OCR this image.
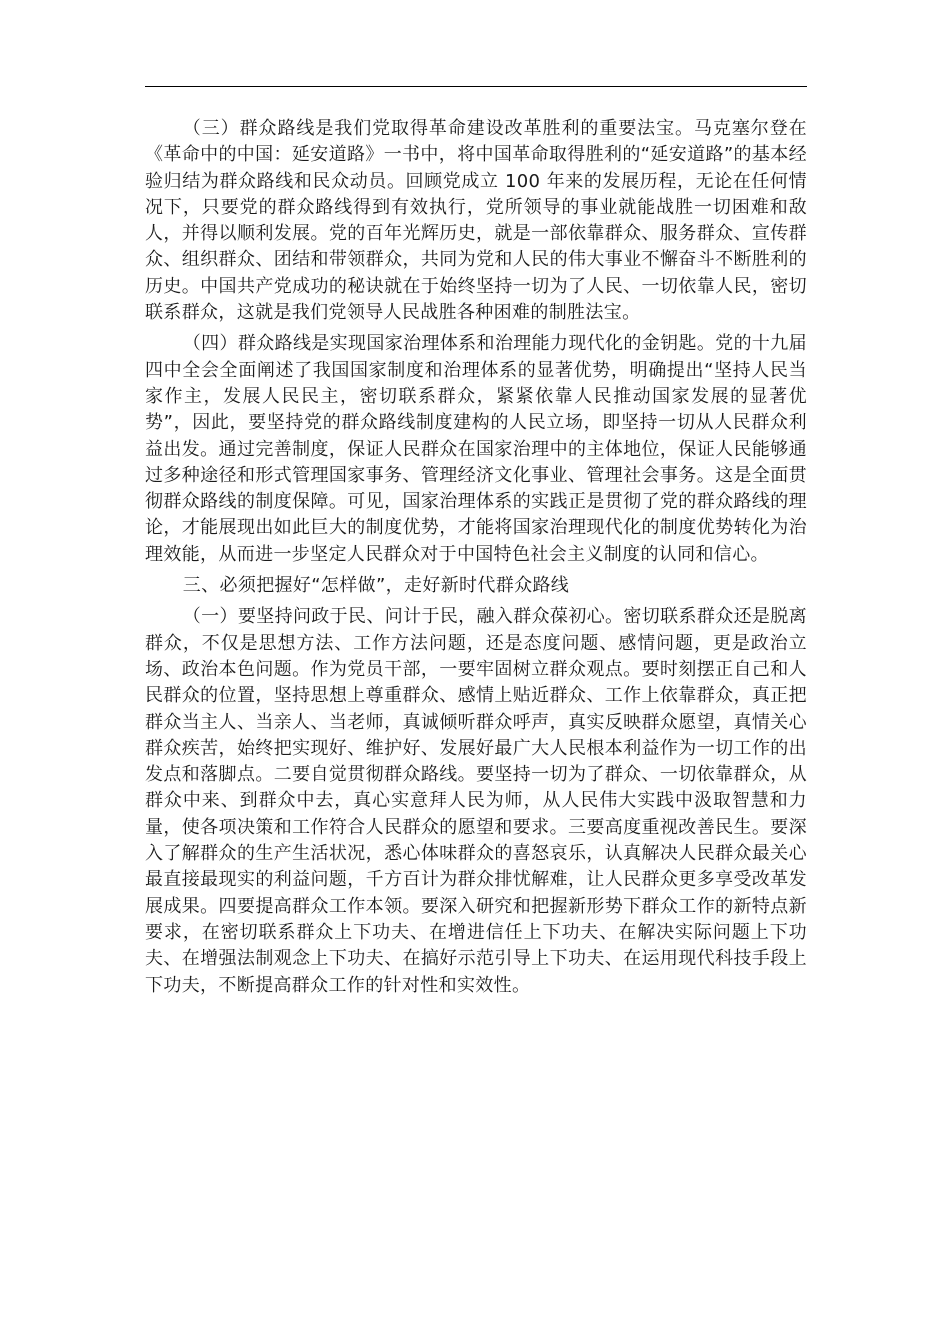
（三）群众路线是我们党取得革命建设改革胜利的重要法宝。马克塞尔登在《革命中的中国：延安道路》一书中，将中国革命取得胜利的“延安道路”的基本经验归结为群众路线和民众动员。回顾党成立 100 年来的发展历程，无论在任何情况下，只要党的群众路线得到有效执行，党所领导的事业就能战胜一切困难和敌人，并得以顺利发展。党的百年光辉历史，就是一部依靠群众、服务群众、宣传群众、组织群众、团结和带领群众，共同为党和人民的伟大事业不懈奋斗不断胜利的历史。中国共产党成功的秘诀就在于始终坚持一切为了人民、一切依靠人民，密切联系群众，这就是我们党领导人民战胜各种困难的制胜法宝。

（四）群众路线是实现国家治理体系和治理能力现代化的金钥匙。党的十九届四中全会全面阐述了我国国家制度和治理体系的显著优势，明确提出“坚持人民当家作主，发展人民民主，密切联系群众，紧紧依靠人民推动国家发展的显著优势”，因此，要坚持党的群众路线制度建构的人民立场，即坚持一切从人民群众利益出发。通过完善制度，保证人民群众在国家治理中的主体地位，保证人民能够通过多种途径和形式管理国家事务、管理经济文化事业、管理社会事务。这是全面贯彻群众路线的制度保障。可见，国家治理体系的实践正是贯彻了党的群众路线的理论，才能展现出如此巨大的制度优势，才能将国家治理现代化的制度优势转化为治理效能，从而进一步坚定人民群众对于中国特色社会主义制度的认同和信心。

三、必须把握好“怎样做”，走好新时代群众路线

（一）要坚持问政于民、问计于民，融入群众葆初心。密切联系群众还是脱离群众，不仅是思想方法、工作方法问题，还是态度问题、感情问题，更是政治立场、政治本色问题。作为党员干部，一要牢固树立群众观点。要时刻摆正自己和人民群众的位置，坚持思想上尊重群众、感情上贴近群众、工作上依靠群众，真正把群众当主人、当亲人、当老师，真诚倾听群众呼声，真实反映群众愿望，真情关心群众疾苦，始终把实现好、维护好、发展好最广大人民根本利益作为一切工作的出发点和落脚点。二要自觉贯彻群众路线。要坚持一切为了群众、一切依靠群众，从群众中来、到群众中去，真心实意拜人民为师，从人民伟大实践中汲取智慧和力量，使各项决策和工作符合人民群众的愿望和要求。三要高度重视改善民生。要深入了解群众的生产生活状况，悉心体味群众的喜怒哀乐，认真解决人民群众最关心最直接最现实的利益问题，千方百计为群众排忧解难，让人民群众更多享受改革发展成果。四要提高群众工作本领。要深入研究和把握新形势下群众工作的新特点新要求，在密切联系群众上下功夫、在增进信任上下功夫、在解决实际问题上下功夫、在增强法制观念上下功夫、在搞好示范引导上下功夫、在运用现代科技手段上下功夫，不断提高群众工作的针对性和实效性。
